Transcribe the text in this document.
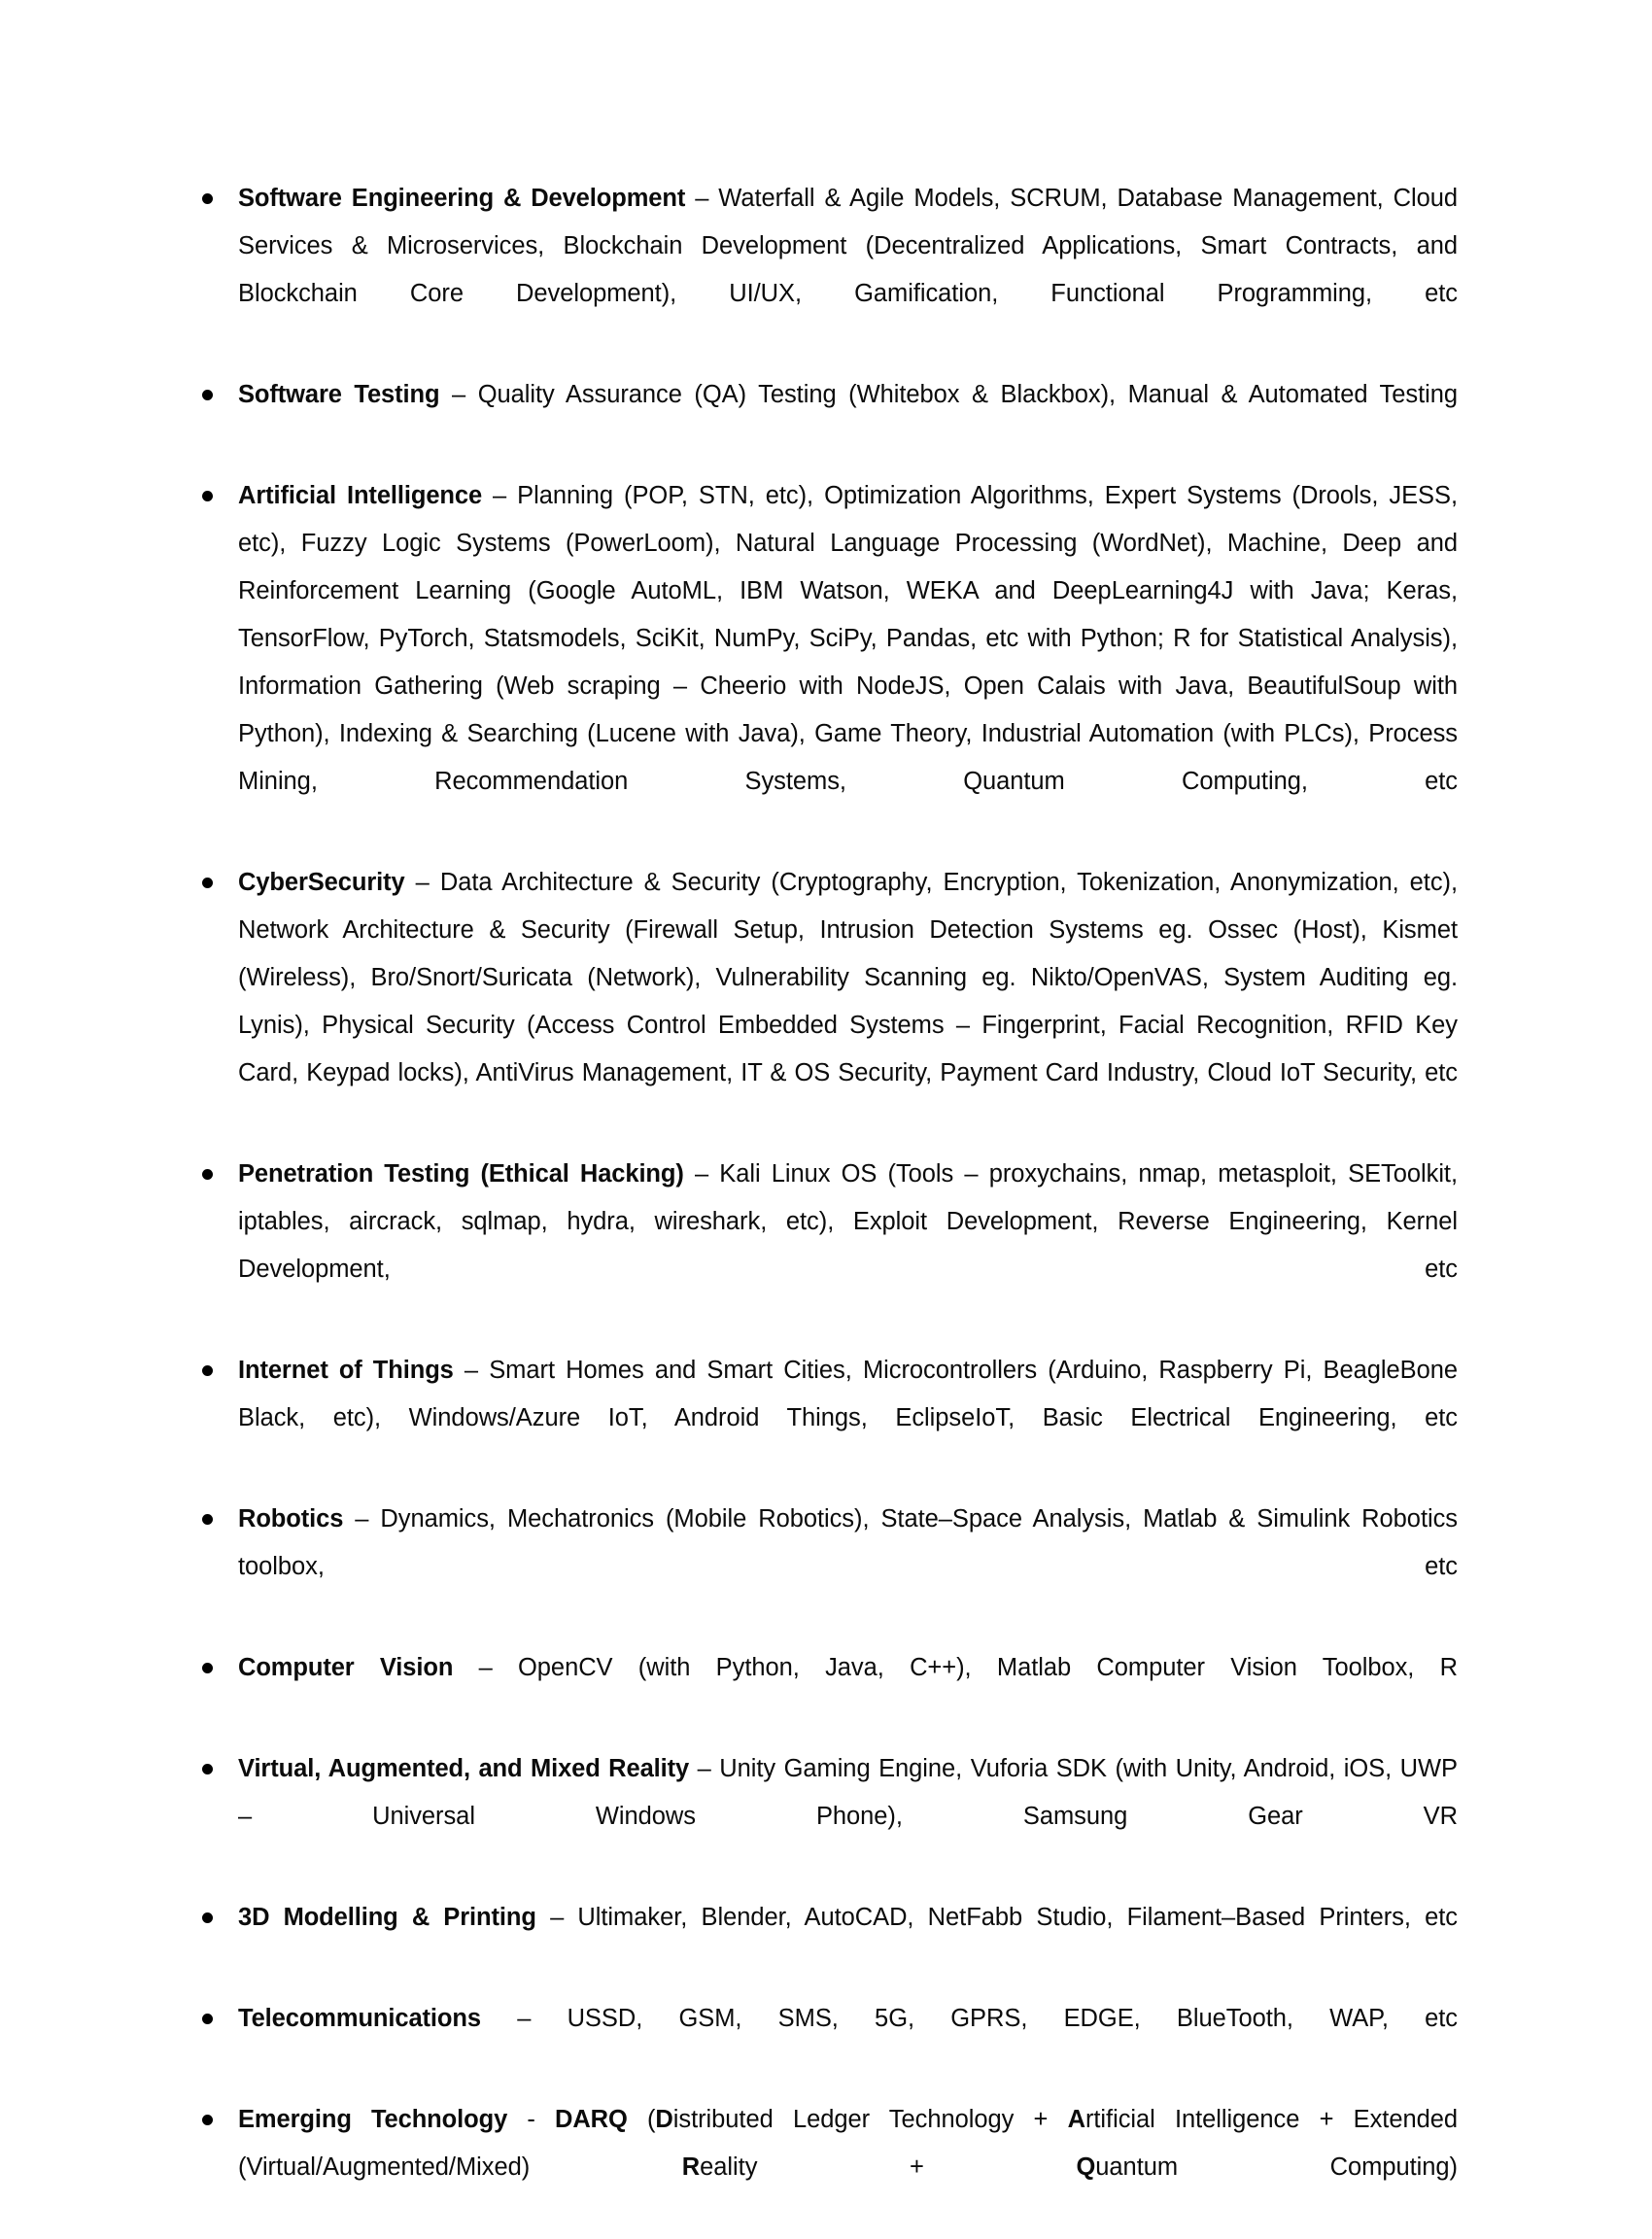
Software Engineering & Development – Waterfall & Agile Models, SCRUM, Database Management, Cloud Services & Microservices, Blockchain Development (Decentralized Applications, Smart Contracts, and Blockchain Core Development), UI/UX, Gamification, Functional Programming, etc
Software Testing – Quality Assurance (QA) Testing (Whitebox & Blackbox), Manual & Automated Testing
Artificial Intelligence – Planning (POP, STN, etc), Optimization Algorithms, Expert Systems (Drools, JESS, etc), Fuzzy Logic Systems (PowerLoom), Natural Language Processing (WordNet), Machine, Deep and Reinforcement Learning (Google AutoML, IBM Watson, WEKA and DeepLearning4J with Java; Keras, TensorFlow, PyTorch, Statsmodels, SciKit, NumPy, SciPy, Pandas, etc with Python; R for Statistical Analysis), Information Gathering (Web scraping – Cheerio with NodeJS, Open Calais with Java, BeautifulSoup with Python), Indexing & Searching (Lucene with Java), Game Theory, Industrial Automation (with PLCs), Process Mining, Recommendation Systems, Quantum Computing, etc
CyberSecurity – Data Architecture & Security (Cryptography, Encryption, Tokenization, Anonymization, etc), Network Architecture & Security (Firewall Setup, Intrusion Detection Systems eg. Ossec (Host), Kismet (Wireless), Bro/Snort/Suricata (Network), Vulnerability Scanning eg. Nikto/OpenVAS, System Auditing eg. Lynis), Physical Security (Access Control Embedded Systems – Fingerprint, Facial Recognition, RFID Key Card, Keypad locks), AntiVirus Management, IT & OS Security, Payment Card Industry, Cloud IoT Security, etc
Penetration Testing (Ethical Hacking) – Kali Linux OS (Tools – proxychains, nmap, metasploit, SEToolkit, iptables, aircrack, sqlmap, hydra, wireshark, etc), Exploit Development, Reverse Engineering, Kernel Development, etc
Internet of Things – Smart Homes and Smart Cities, Microcontrollers (Arduino, Raspberry Pi, BeagleBone Black, etc), Windows/Azure IoT, Android Things, EclipseIoT, Basic Electrical Engineering, etc
Robotics – Dynamics, Mechatronics (Mobile Robotics), State–Space Analysis, Matlab & Simulink Robotics toolbox, etc
Computer Vision – OpenCV (with Python, Java, C++), Matlab Computer Vision Toolbox, R
Virtual, Augmented, and Mixed Reality – Unity Gaming Engine, Vuforia SDK (with Unity, Android, iOS, UWP – Universal Windows Phone), Samsung Gear VR
3D Modelling & Printing – Ultimaker, Blender, AutoCAD, NetFabb Studio, Filament–Based Printers, etc
Telecommunications – USSD, GSM, SMS, 5G, GPRS, EDGE, BlueTooth, WAP, etc
Emerging Technology - DARQ (Distributed Ledger Technology + Artificial Intelligence + Extended (Virtual/Augmented/Mixed) Reality + Quantum Computing)
